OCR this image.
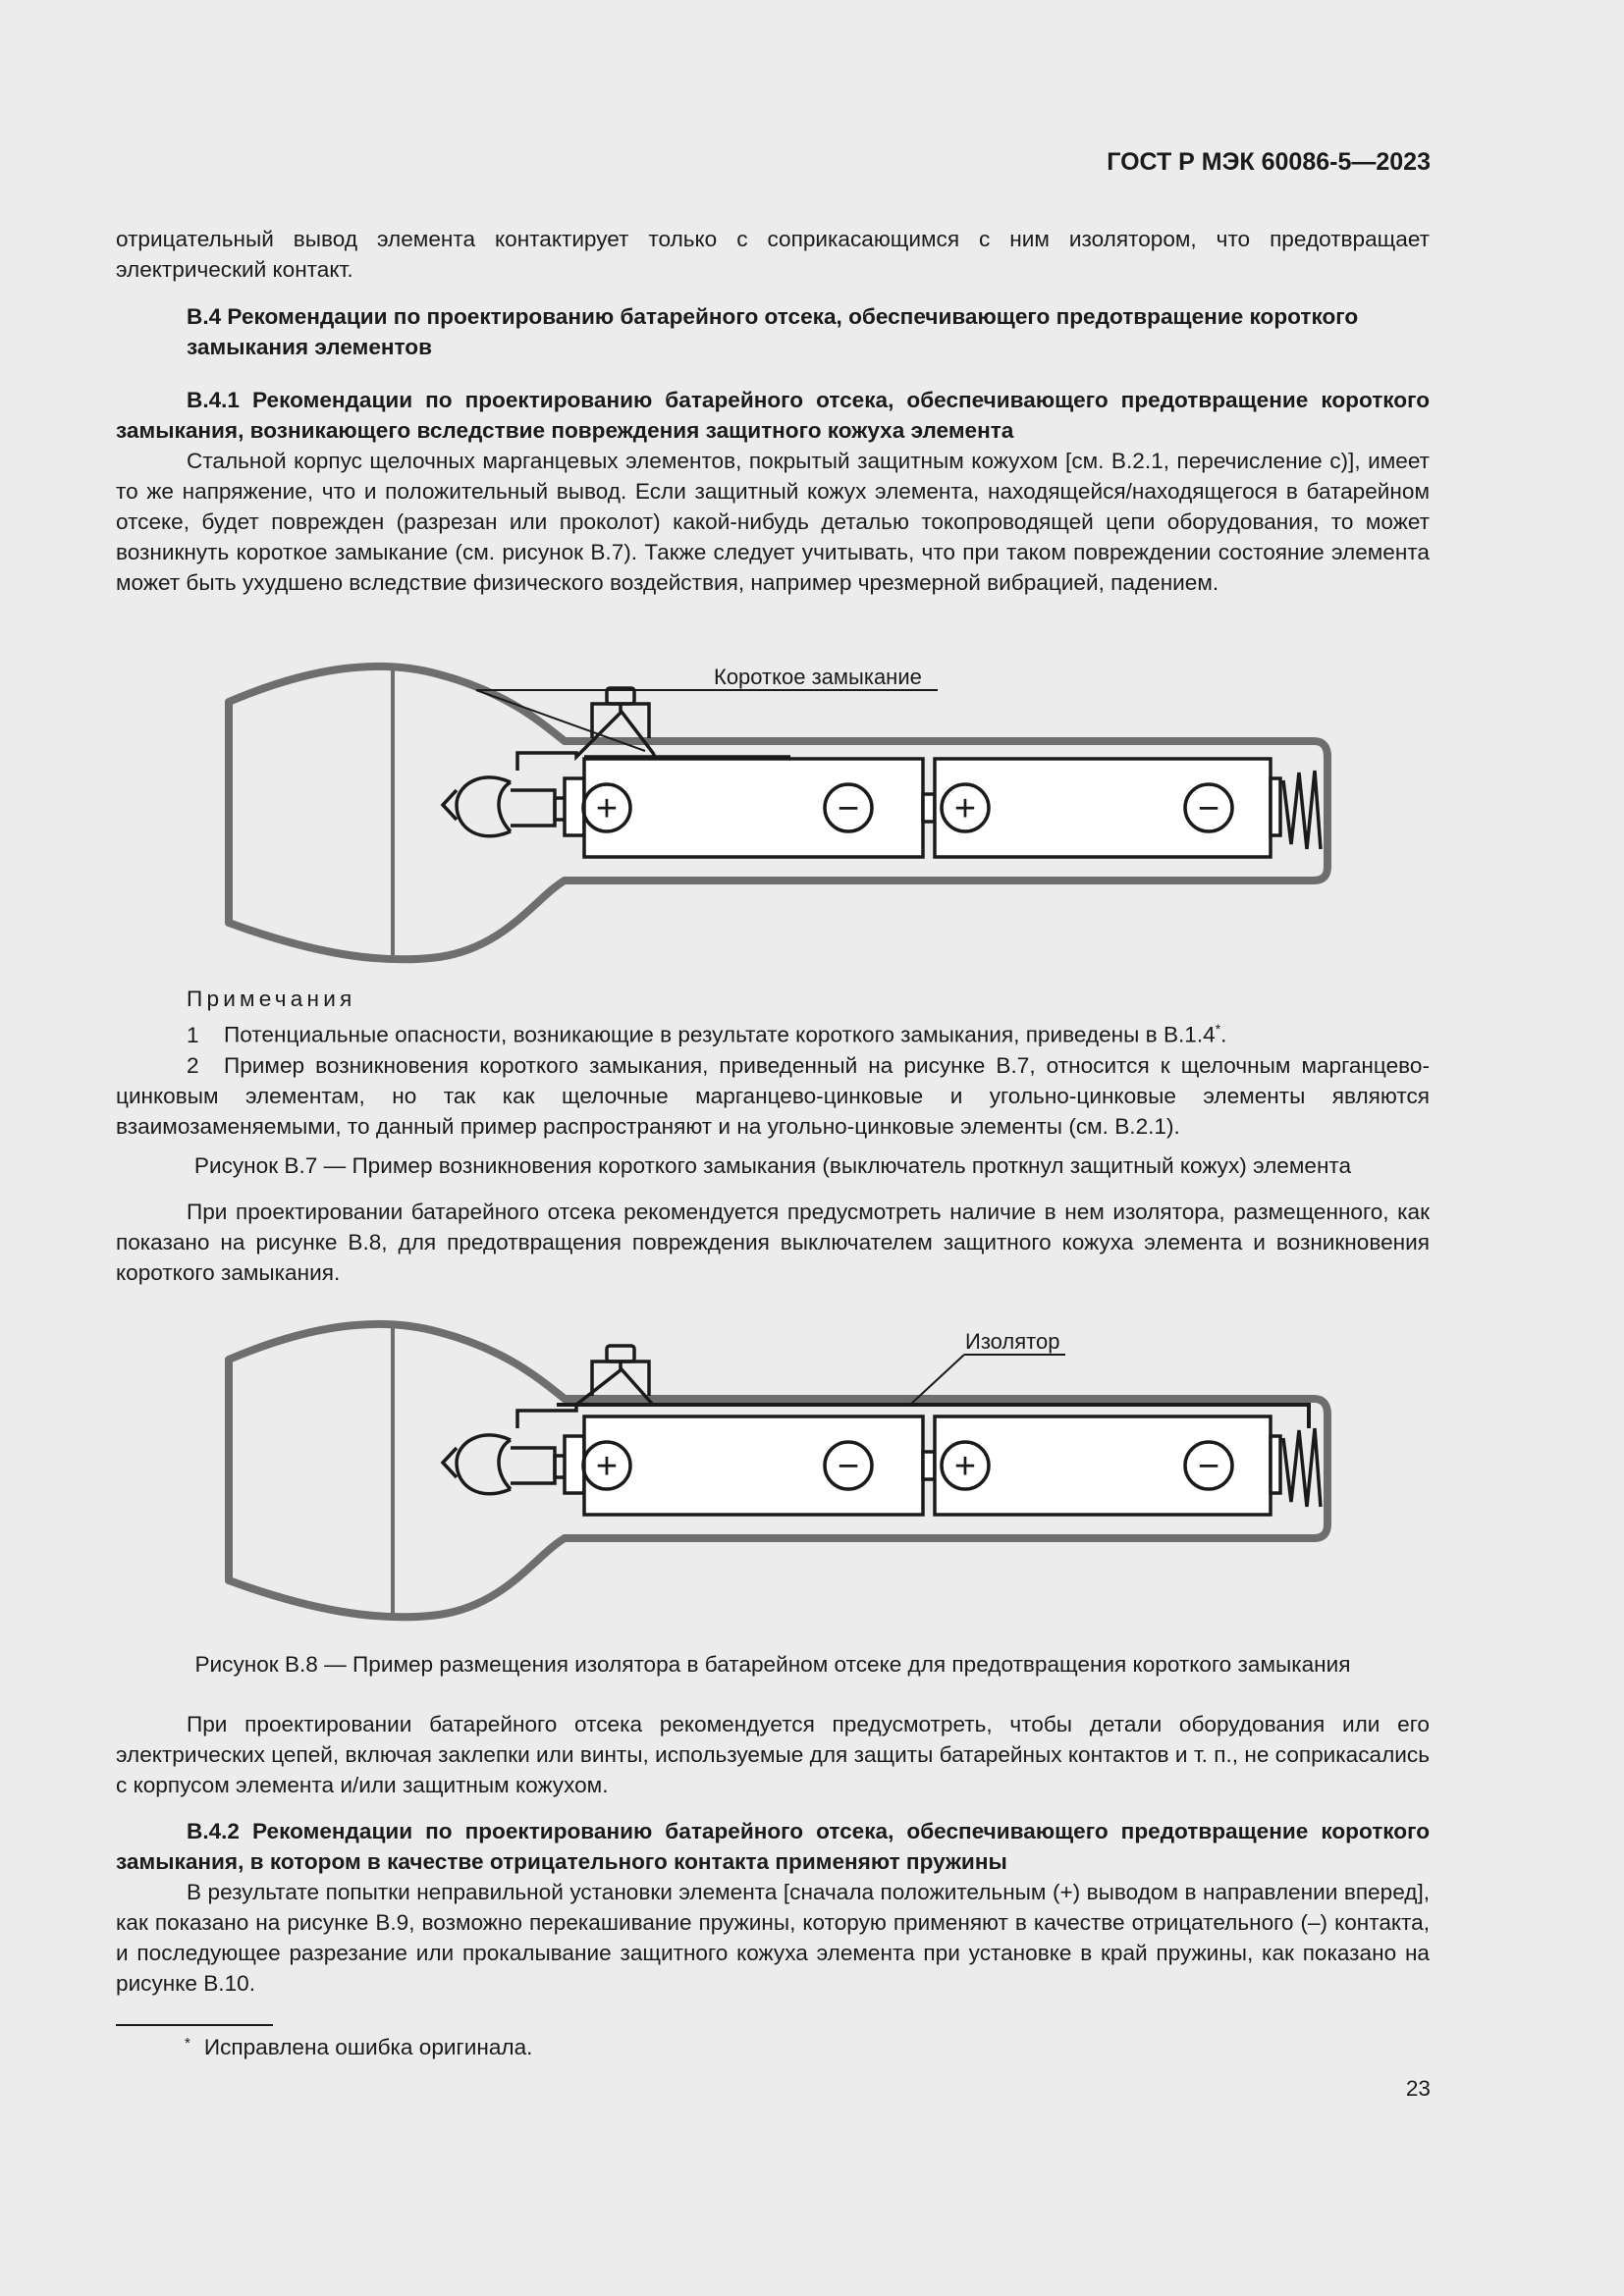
ГОСТ Р МЭК 60086-5—2023

отрицательный вывод элемента контактирует только с соприкасающимся с ним изолятором, что предотвращает электрический контакт.

В.4 Рекомендации по проектированию батарейного отсека, обеспечивающего предотвращение короткого замыкания элементов

В.4.1 Рекомендации по проектированию батарейного отсека, обеспечивающего предотвращение короткого замыкания, возникающего вследствие повреждения защитного кожуха элемента

Стальной корпус щелочных марганцевых элементов, покрытый защитным кожухом [см. В.2.1, перечисление с)], имеет то же напряжение, что и положительный вывод. Если защитный кожух элемента, находящейся/находящегося в батарейном отсеке, будет поврежден (разрезан или проколот) какой-нибудь деталью токопроводящей цепи оборудования, то может возникнуть короткое замыкание (см. рисунок В.7). Также следует учитывать, что при таком повреждении состояние элемента может быть ухудшено вследствие физического воздействия, например чрезмерной вибрацией, падением.

+	−	+	−
Короткое замыкание

Примечания

1 Потенциальные опасности, возникающие в результате короткого замыкания, приведены в В.1.4*.

2 Пример возникновения короткого замыкания, приведенный на рисунке В.7, относится к щелочным марганцево-цинковым элементам, но так как щелочные марганцево-цинковые и угольно-цинковые элементы являются взаимозаменяемыми, то данный пример распространяют и на угольно-цинковые элементы (см. В.2.1).

Рисунок В.7 — Пример возникновения короткого замыкания (выключатель проткнул защитный кожух) элемента

При проектировании батарейного отсека рекомендуется предусмотреть наличие в нем изолятора, размещенного, как показано на рисунке В.8, для предотвращения повреждения выключателем защитного кожуха элемента и возникновения короткого замыкания.

+	−	+	−
Изолятор
Рисунок В.8 — Пример размещения изолятора в батарейном отсеке для предотвращения короткого замыкания

При проектировании батарейного отсека рекомендуется предусмотреть, чтобы детали оборудования или его электрических цепей, включая заклепки или винты, используемые для защиты батарейных контактов и т. п., не соприкасались с корпусом элемента и/или защитным кожухом.

В.4.2 Рекомендации по проектированию батарейного отсека, обеспечивающего предотвращение короткого замыкания, в котором в качестве отрицательного контакта применяют пружины

В результате попытки неправильной установки элемента [сначала положительным (+) выводом в направлении вперед], как показано на рисунке В.9, возможно перекашивание пружины, которую применяют в качестве отрицательного (–) контакта, и последующее разрезание или прокалывание защитного кожуха элемента при установке в край пружины, как показано на рисунке В.10.

* Исправлена ошибка оригинала.
23
